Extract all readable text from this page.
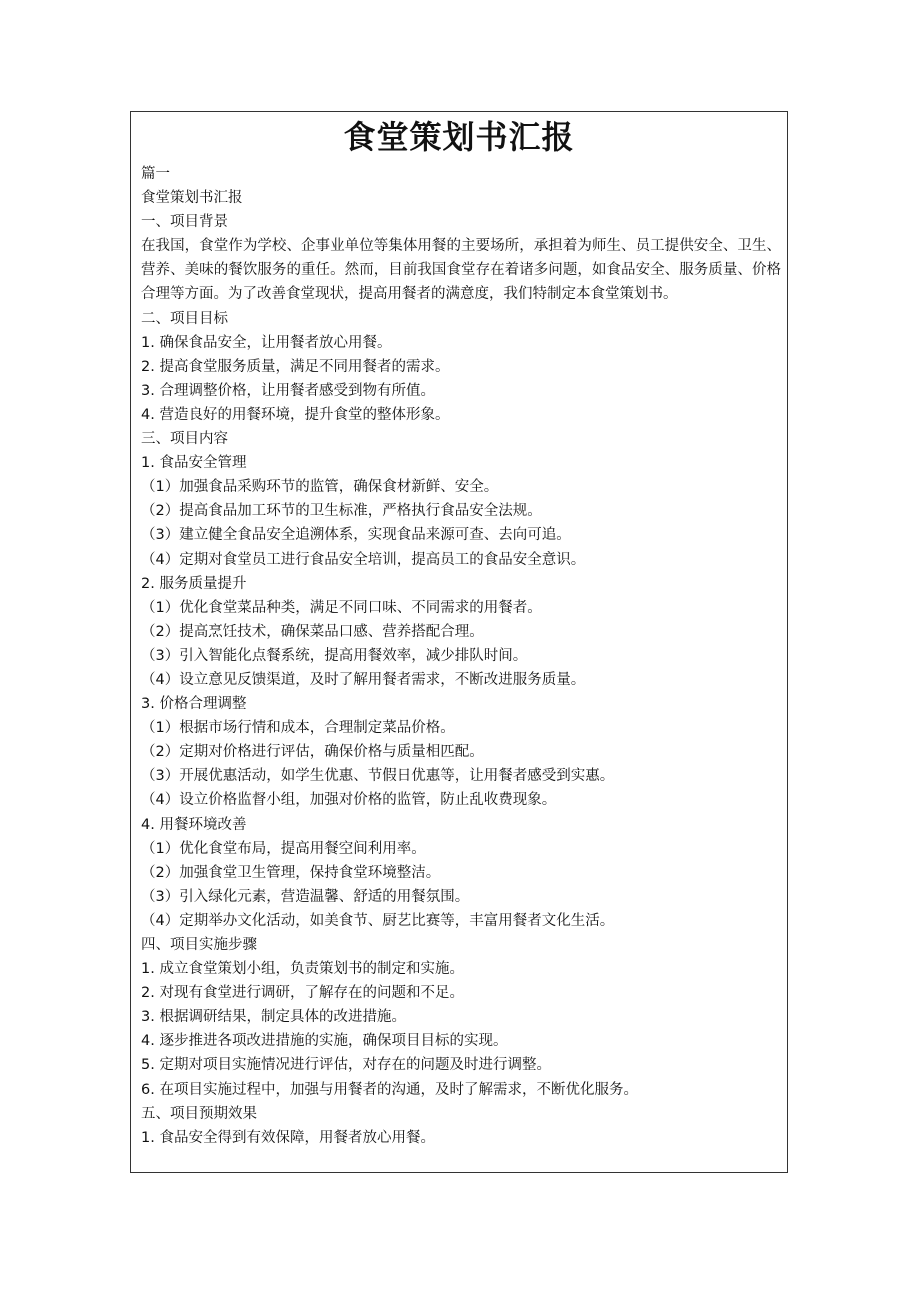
食堂策划书汇报

篇一

食堂策划书汇报

一、项目背景

在我国，食堂作为学校、企事业单位等集体用餐的主要场所，承担着为师生、员工提供安全、卫生、营养、美味的餐饮服务的重任。然而，目前我国食堂存在着诸多问题，如食品安全、服务质量、价格合理等方面。为了改善食堂现状，提高用餐者的满意度，我们特制定本食堂策划书。

二、项目目标

1. 确保食品安全，让用餐者放心用餐。

2. 提高食堂服务质量，满足不同用餐者的需求。

3. 合理调整价格，让用餐者感受到物有所值。

4. 营造良好的用餐环境，提升食堂的整体形象。

三、项目内容

1. 食品安全管理

（1）加强食品采购环节的监管，确保食材新鲜、安全。

（2）提高食品加工环节的卫生标准，严格执行食品安全法规。

（3）建立健全食品安全追溯体系，实现食品来源可查、去向可追。

（4）定期对食堂员工进行食品安全培训，提高员工的食品安全意识。

2. 服务质量提升

（1）优化食堂菜品种类，满足不同口味、不同需求的用餐者。

（2）提高烹饪技术，确保菜品口感、营养搭配合理。

（3）引入智能化点餐系统，提高用餐效率，减少排队时间。

（4）设立意见反馈渠道，及时了解用餐者需求，不断改进服务质量。

3. 价格合理调整

（1）根据市场行情和成本，合理制定菜品价格。

（2）定期对价格进行评估，确保价格与质量相匹配。

（3）开展优惠活动，如学生优惠、节假日优惠等，让用餐者感受到实惠。

（4）设立价格监督小组，加强对价格的监管，防止乱收费现象。

4. 用餐环境改善

（1）优化食堂布局，提高用餐空间利用率。

（2）加强食堂卫生管理，保持食堂环境整洁。

（3）引入绿化元素，营造温馨、舒适的用餐氛围。

（4）定期举办文化活动，如美食节、厨艺比赛等，丰富用餐者文化生活。

四、项目实施步骤

1. 成立食堂策划小组，负责策划书的制定和实施。

2. 对现有食堂进行调研，了解存在的问题和不足。

3. 根据调研结果，制定具体的改进措施。

4. 逐步推进各项改进措施的实施，确保项目目标的实现。

5. 定期对项目实施情况进行评估，对存在的问题及时进行调整。

6. 在项目实施过程中，加强与用餐者的沟通，及时了解需求，不断优化服务。

五、项目预期效果

1. 食品安全得到有效保障，用餐者放心用餐。
